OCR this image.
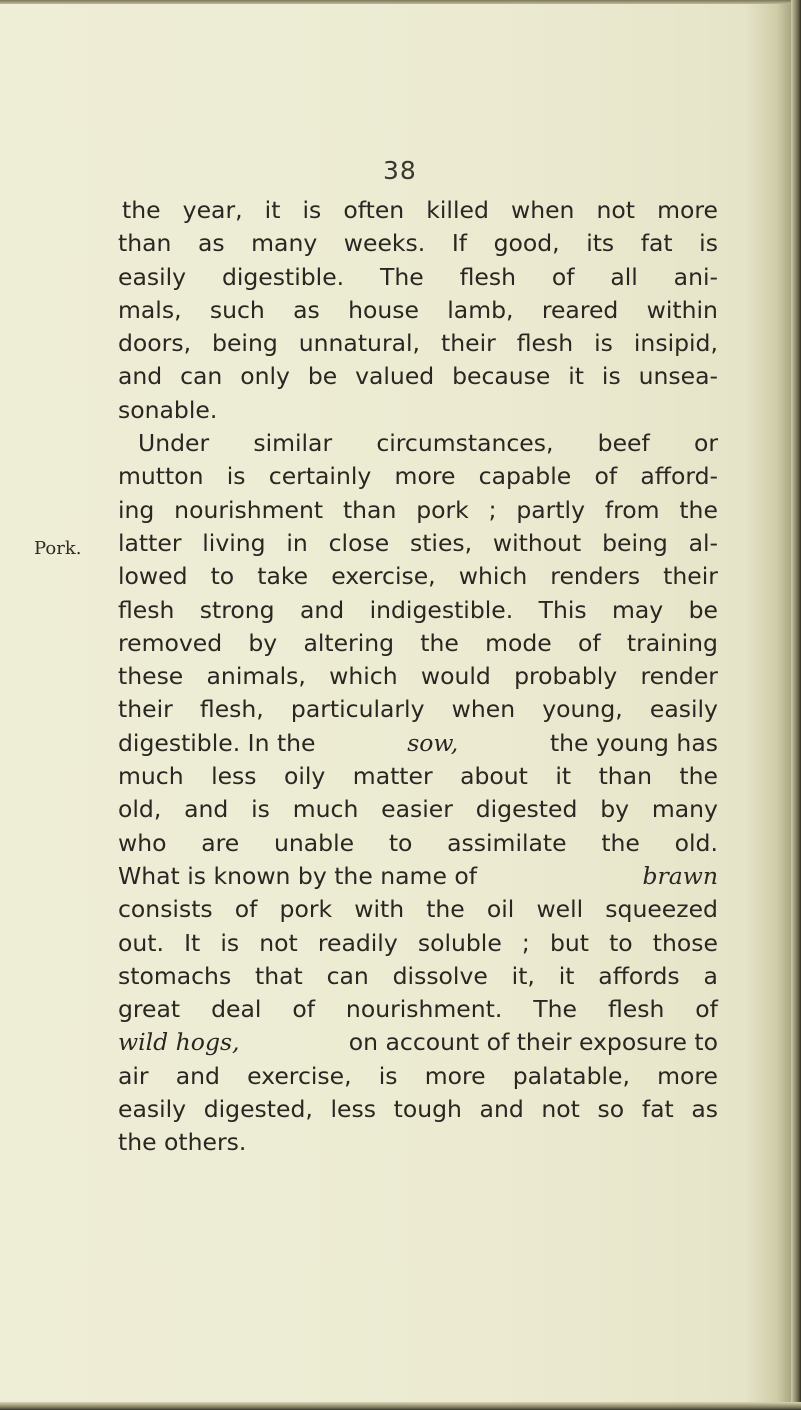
38
Pork.
the year, it is often killed when not more
than as many weeks. If good, its fat is
easily digestible. The flesh of all ani-
mals, such as house lamb, reared within
doors, being unnatural, their flesh is insipid,
and can only be valued because it is unsea-
sonable.
Under similar circumstances, beef or
mutton is certainly more capable of afford-
ing nourishment than pork ; partly from the
latter living in close sties, without being al-
lowed to take exercise, which renders their
flesh strong and indigestible. This may be
removed by altering the mode of training
these animals, which would probably render
their flesh, particularly when young, easily
digestible. In the	sow,	the young has
much less oily matter about it than the
old, and is much easier digested by many
who are unable to assimilate the old.
What is known by the name of	brawn
consists of pork with the oil well squeezed
out. It is not readily soluble ; but to those
stomachs that can dissolve it, it affords a
great deal of nourishment. The flesh of
wild hogs,	on account of their exposure to
air and exercise, is more palatable, more
easily digested, less tough and not so fat as
the others.
